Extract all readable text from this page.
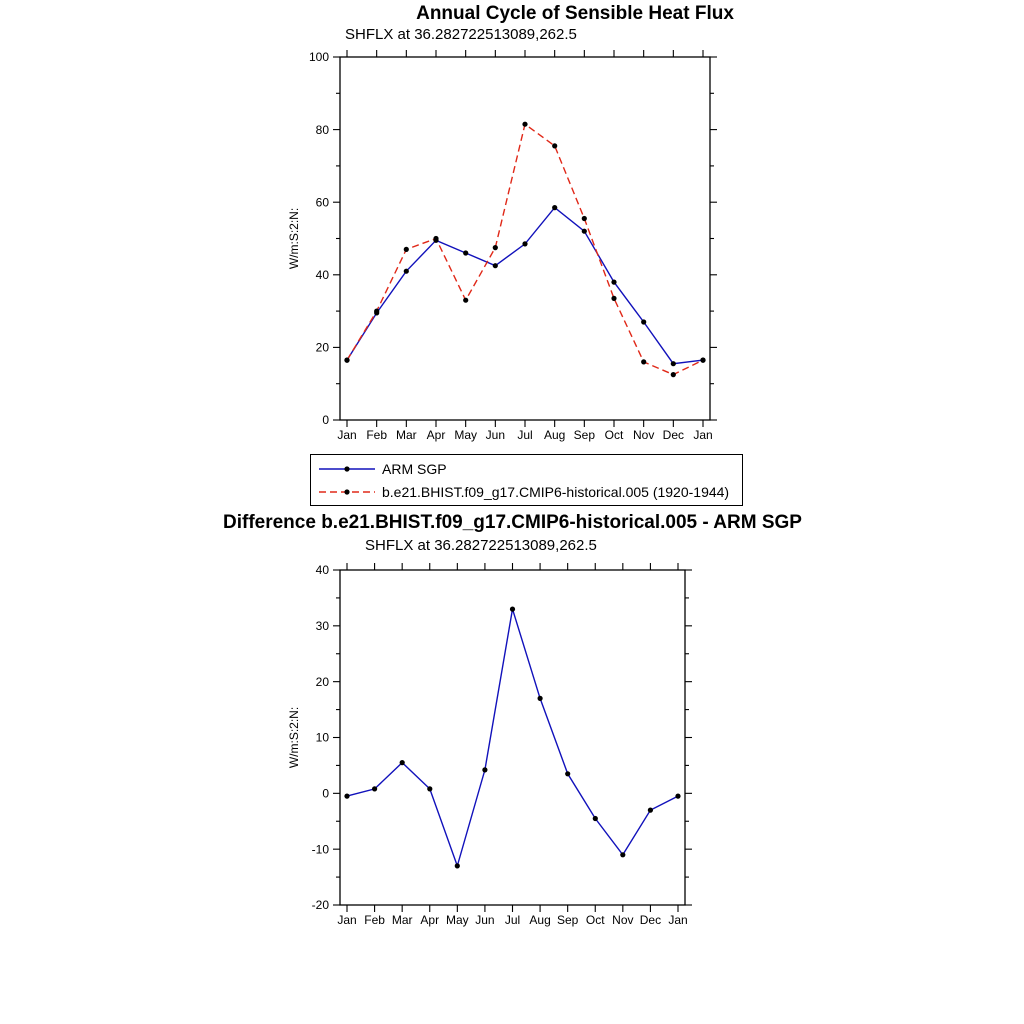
Annual Cycle of Sensible Heat Flux
SHFLX at 36.282722513089,262.5
0
20
40
60
80
100
Jan Feb Mar Apr May Jun Jul Aug Sep Oct Nov Dec Jan
W/m:S:2:N:
ARM SGP
b.e21.BHIST.f09_g17.CMIP6-historical.005 (1920-1944)
Difference b.e21.BHIST.f09_g17.CMIP6-historical.005 - ARM SGP
SHFLX at 36.282722513089,262.5
-20
-10
0
10
20
30
40
Jan Feb Mar Apr May Jun Jul Aug Sep Oct Nov Dec Jan
W/m:S:2:N:
